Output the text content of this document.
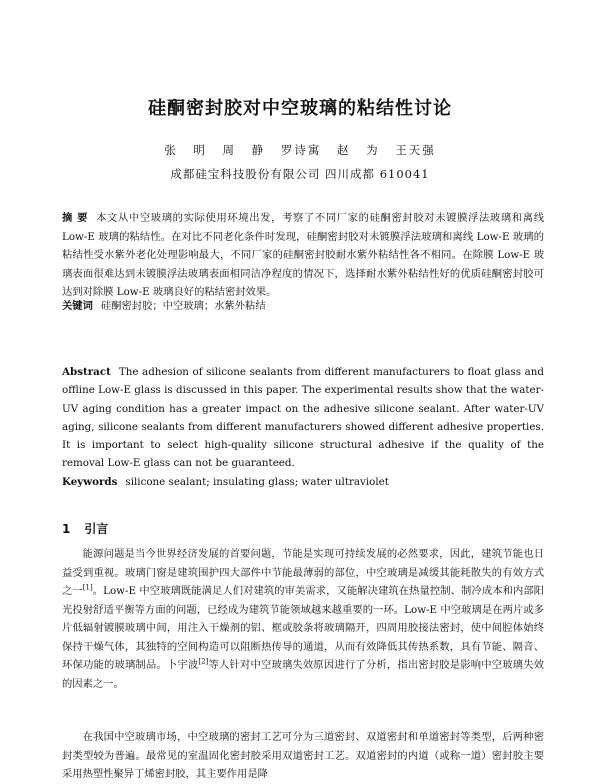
硅酮密封胶对中空玻璃的粘结性讨论
张 明 周 静 罗诗寓 赵 为 王天强
成都硅宝科技股份有限公司 四川成都 610041
摘 要 本文从中空玻璃的实际使用环境出发，考察了不同厂家的硅酮密封胶对未镀膜浮法玻璃和离线 Low-E 玻璃的粘结性。在对比不同老化条件时发现，硅酮密封胶对未镀膜浮法玻璃和离线 Low-E 玻璃的粘结性受水紫外老化处理影响最大，不同厂家的硅酮密封胶耐水紫外粘结性各不相同。在除膜 Low-E 玻璃表面很难达到未镀膜浮法玻璃表面相同洁净程度的情况下，选择耐水紫外粘结性好的优质硅酮密封胶可达到对除膜 Low-E 玻璃良好的粘结密封效果。
关键词 硅酮密封胶；中空玻璃；水紫外粘结
Abstract The adhesion of silicone sealants from different manufacturers to float glass and offline Low-E glass is discussed in this paper. The experimental results show that the water-UV aging condition has a greater impact on the adhesive silicone sealant. After water-UV aging, silicone sealants from different manufacturers showed different adhesive properties. It is important to select high-quality silicone structural adhesive if the quality of the removal Low-E glass can not be guaranteed.
Keywords silicone sealant; insulating glass; water ultraviolet
1 引言

能源问题是当今世界经济发展的首要问题，节能是实现可持续发展的必然要求，因此，建筑节能也日益受到重视。玻璃门窗是建筑围护四大部件中节能最薄弱的部位，中空玻璃是减缓其能耗散失的有效方式之一[1]。Low-E 中空玻璃既能满足人们对建筑的审美需求，又能解决建筑在热量控制、制冷成本和内部阳光投射舒适平衡等方面的问题，已经成为建筑节能领域越来越重要的一环。Low-E 中空玻璃是在两片或多片低辐射镀膜玻璃中间，用注入干燥剂的铝、框或胶条将玻璃隔开，四周用胶接法密封，使中间腔体始终保持干燥气体，其独特的空间构造可以阻断热传导的通道，从而有效降低其传热系数，具有节能、隔音、环保功能的玻璃制品。卜宇波[2]等人针对中空玻璃失效原因进行了分析，指出密封胶是影响中空玻璃失效的因素之一。

在我国中空玻璃市场，中空玻璃的密封工艺可分为三道密封、双道密封和单道密封等类型，后两种密封类型较为普遍。最常见的室温固化密封胶采用双道密封工艺。双道密封的内道（或称一道）密封胶主要采用热塑性聚异丁烯密封胶，其主要作用是降
